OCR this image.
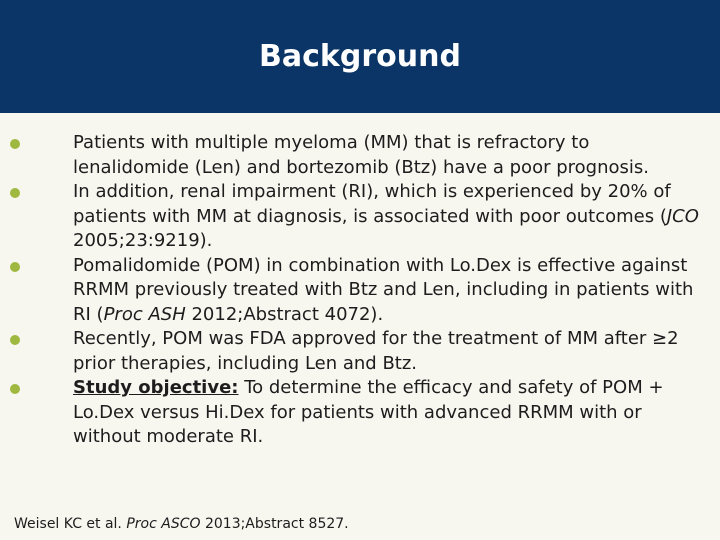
Background
Patients with multiple myeloma (MM) that is refractory to lenalidomide (Len) and bortezomib (Btz) have a poor prognosis.
In addition, renal impairment (RI), which is experienced by 20% of patients with MM at diagnosis, is associated with poor outcomes (JCO 2005;23:9219).
Pomalidomide (POM) in combination with Lo.Dex is effective against RRMM previously treated with Btz and Len, including in patients with RI (Proc ASH 2012;Abstract 4072).
Recently, POM was FDA approved for the treatment of MM after ≥2 prior therapies, including Len and Btz.
Study objective: To determine the efficacy and safety of POM + Lo.Dex versus Hi.Dex for patients with advanced RRMM with or without moderate RI.
Weisel KC et al. Proc ASCO 2013;Abstract 8527.
